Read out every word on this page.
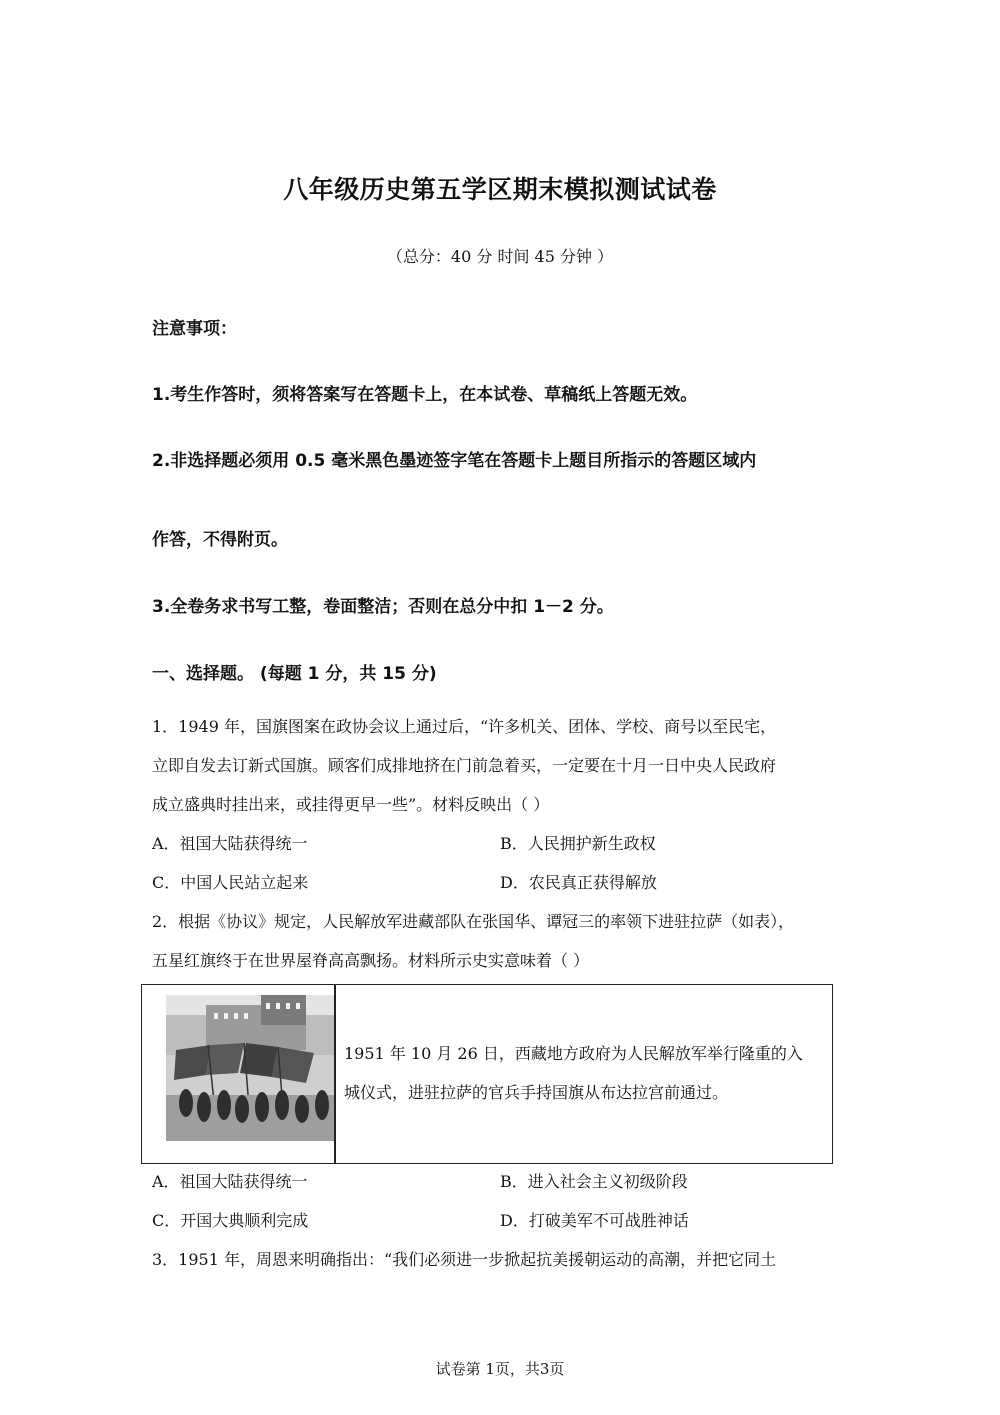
八年级历史第五学区期末模拟测试试卷
（总分：40 分 时间 45 分钟 ）
注意事项：
1.考生作答时，须将答案写在答题卡上，在本试卷、草稿纸上答题无效。
2.非选择题必须用 0.5 毫米黑色墨迹签字笔在答题卡上题目所指示的答题区域内
作答，不得附页。
3.全卷务求书写工整，卷面整洁；否则在总分中扣 1－2 分。
一、选择题。 (每题 1 分，共 15 分)
1．1949 年，国旗图案在政协会议上通过后，“许多机关、团体、学校、商号以至民宅，
立即自发去订新式国旗。顾客们成排地挤在门前急着买，一定要在十月一日中央人民政府
成立盛典时挂出来，或挂得更早一些”。材料反映出（ ）
A．祖国大陆获得统一	B．人民拥护新生政权
C．中国人民站立起来	D．农民真正获得解放
2．根据《协议》规定，人民解放军进藏部队在张国华、谭冠三的率领下进驻拉萨（如表），
五星红旗终于在世界屋脊高高飘扬。材料所示史实意味着（ ）
1951 年 10 月 26 日，西藏地方政府为人民解放军举行隆重的入
城仪式，进驻拉萨的官兵手持国旗从布达拉宫前通过。
A．祖国大陆获得统一	B．进入社会主义初级阶段
C．开国大典顺利完成	D．打破美军不可战胜神话
3．1951 年，周恩来明确指出：“我们必须进一步掀起抗美援朝运动的高潮，并把它同土
试卷第 1页，共3页
